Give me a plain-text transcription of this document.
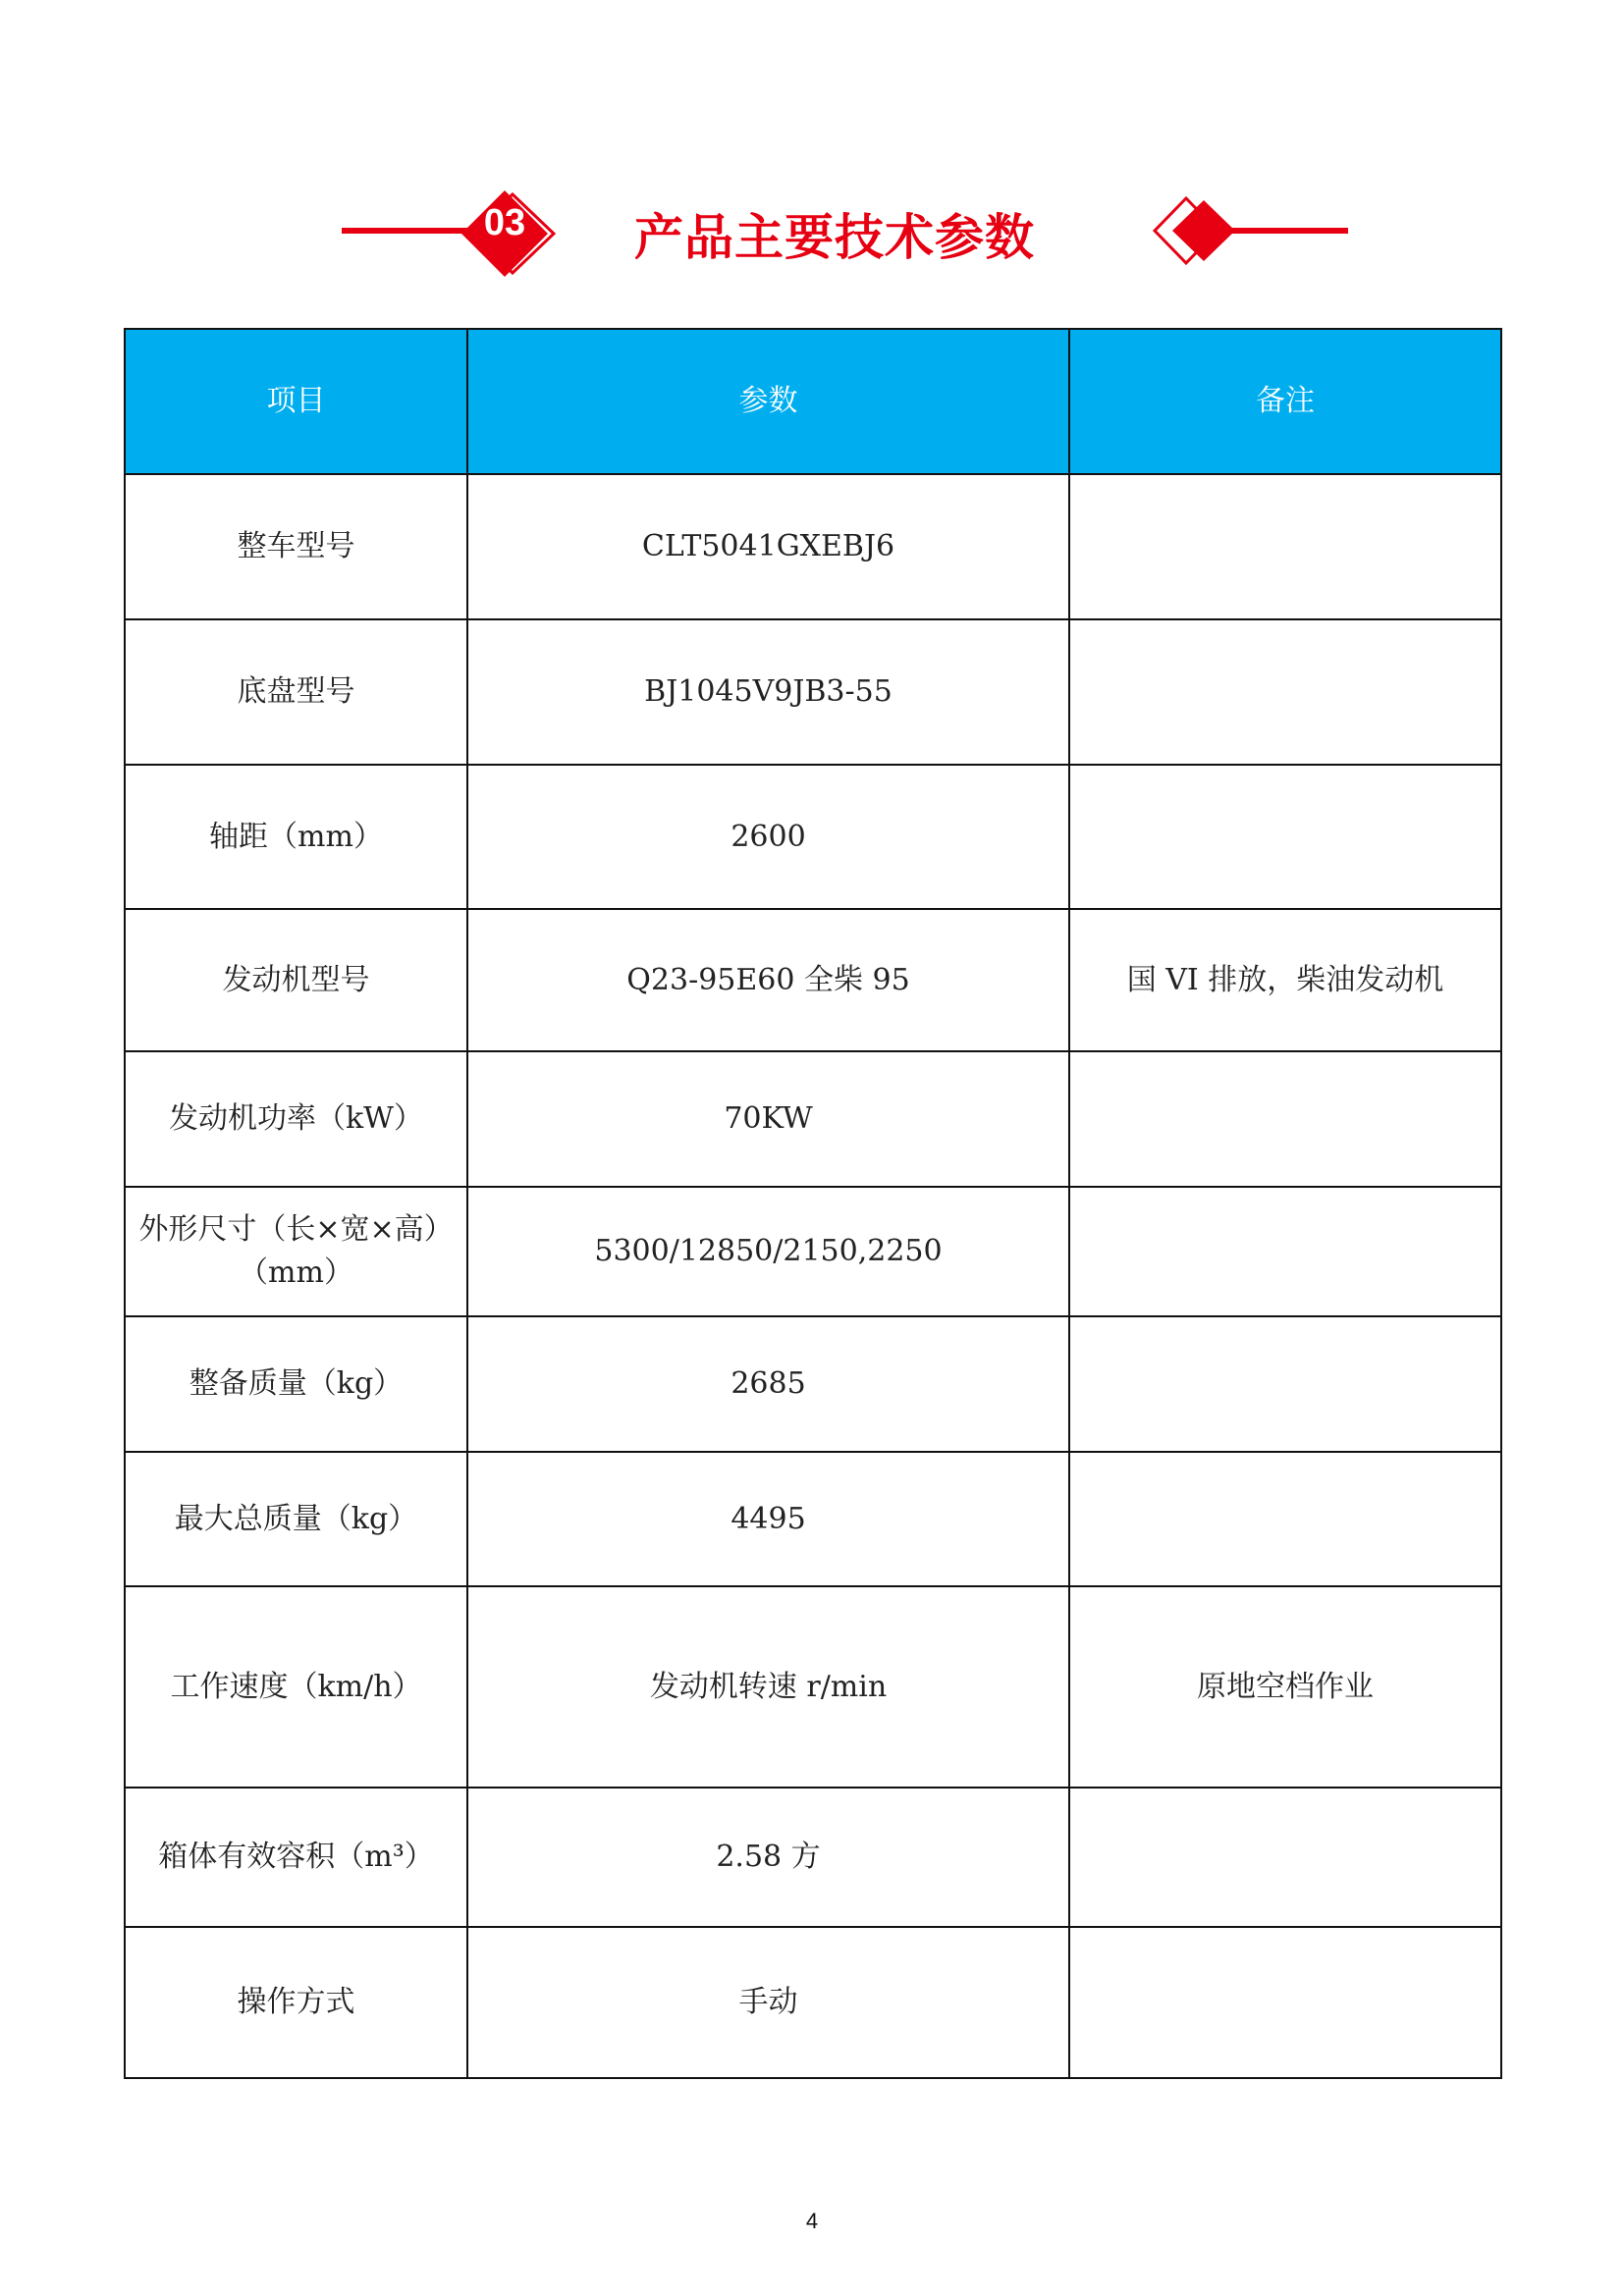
03	产品主要技术参数
项目	参数	备注
整车型号	CLT5041GXEBJ6	
底盘型号	BJ1045V9JB3-55	
轴距（mm）	2600	
发动机型号	Q23-95E60 全柴 95	国 VI 排放，柴油发动机
发动机功率（kW）	70KW	
外形尺寸（长×宽×高）（mm）	5300/12850/2150,2250	
整备质量（kg）	2685	
最大总质量（kg）	4495	
工作速度（km/h）	发动机转速 r/min	原地空档作业
箱体有效容积（m³）	2.58 方	
操作方式	手动	
4
